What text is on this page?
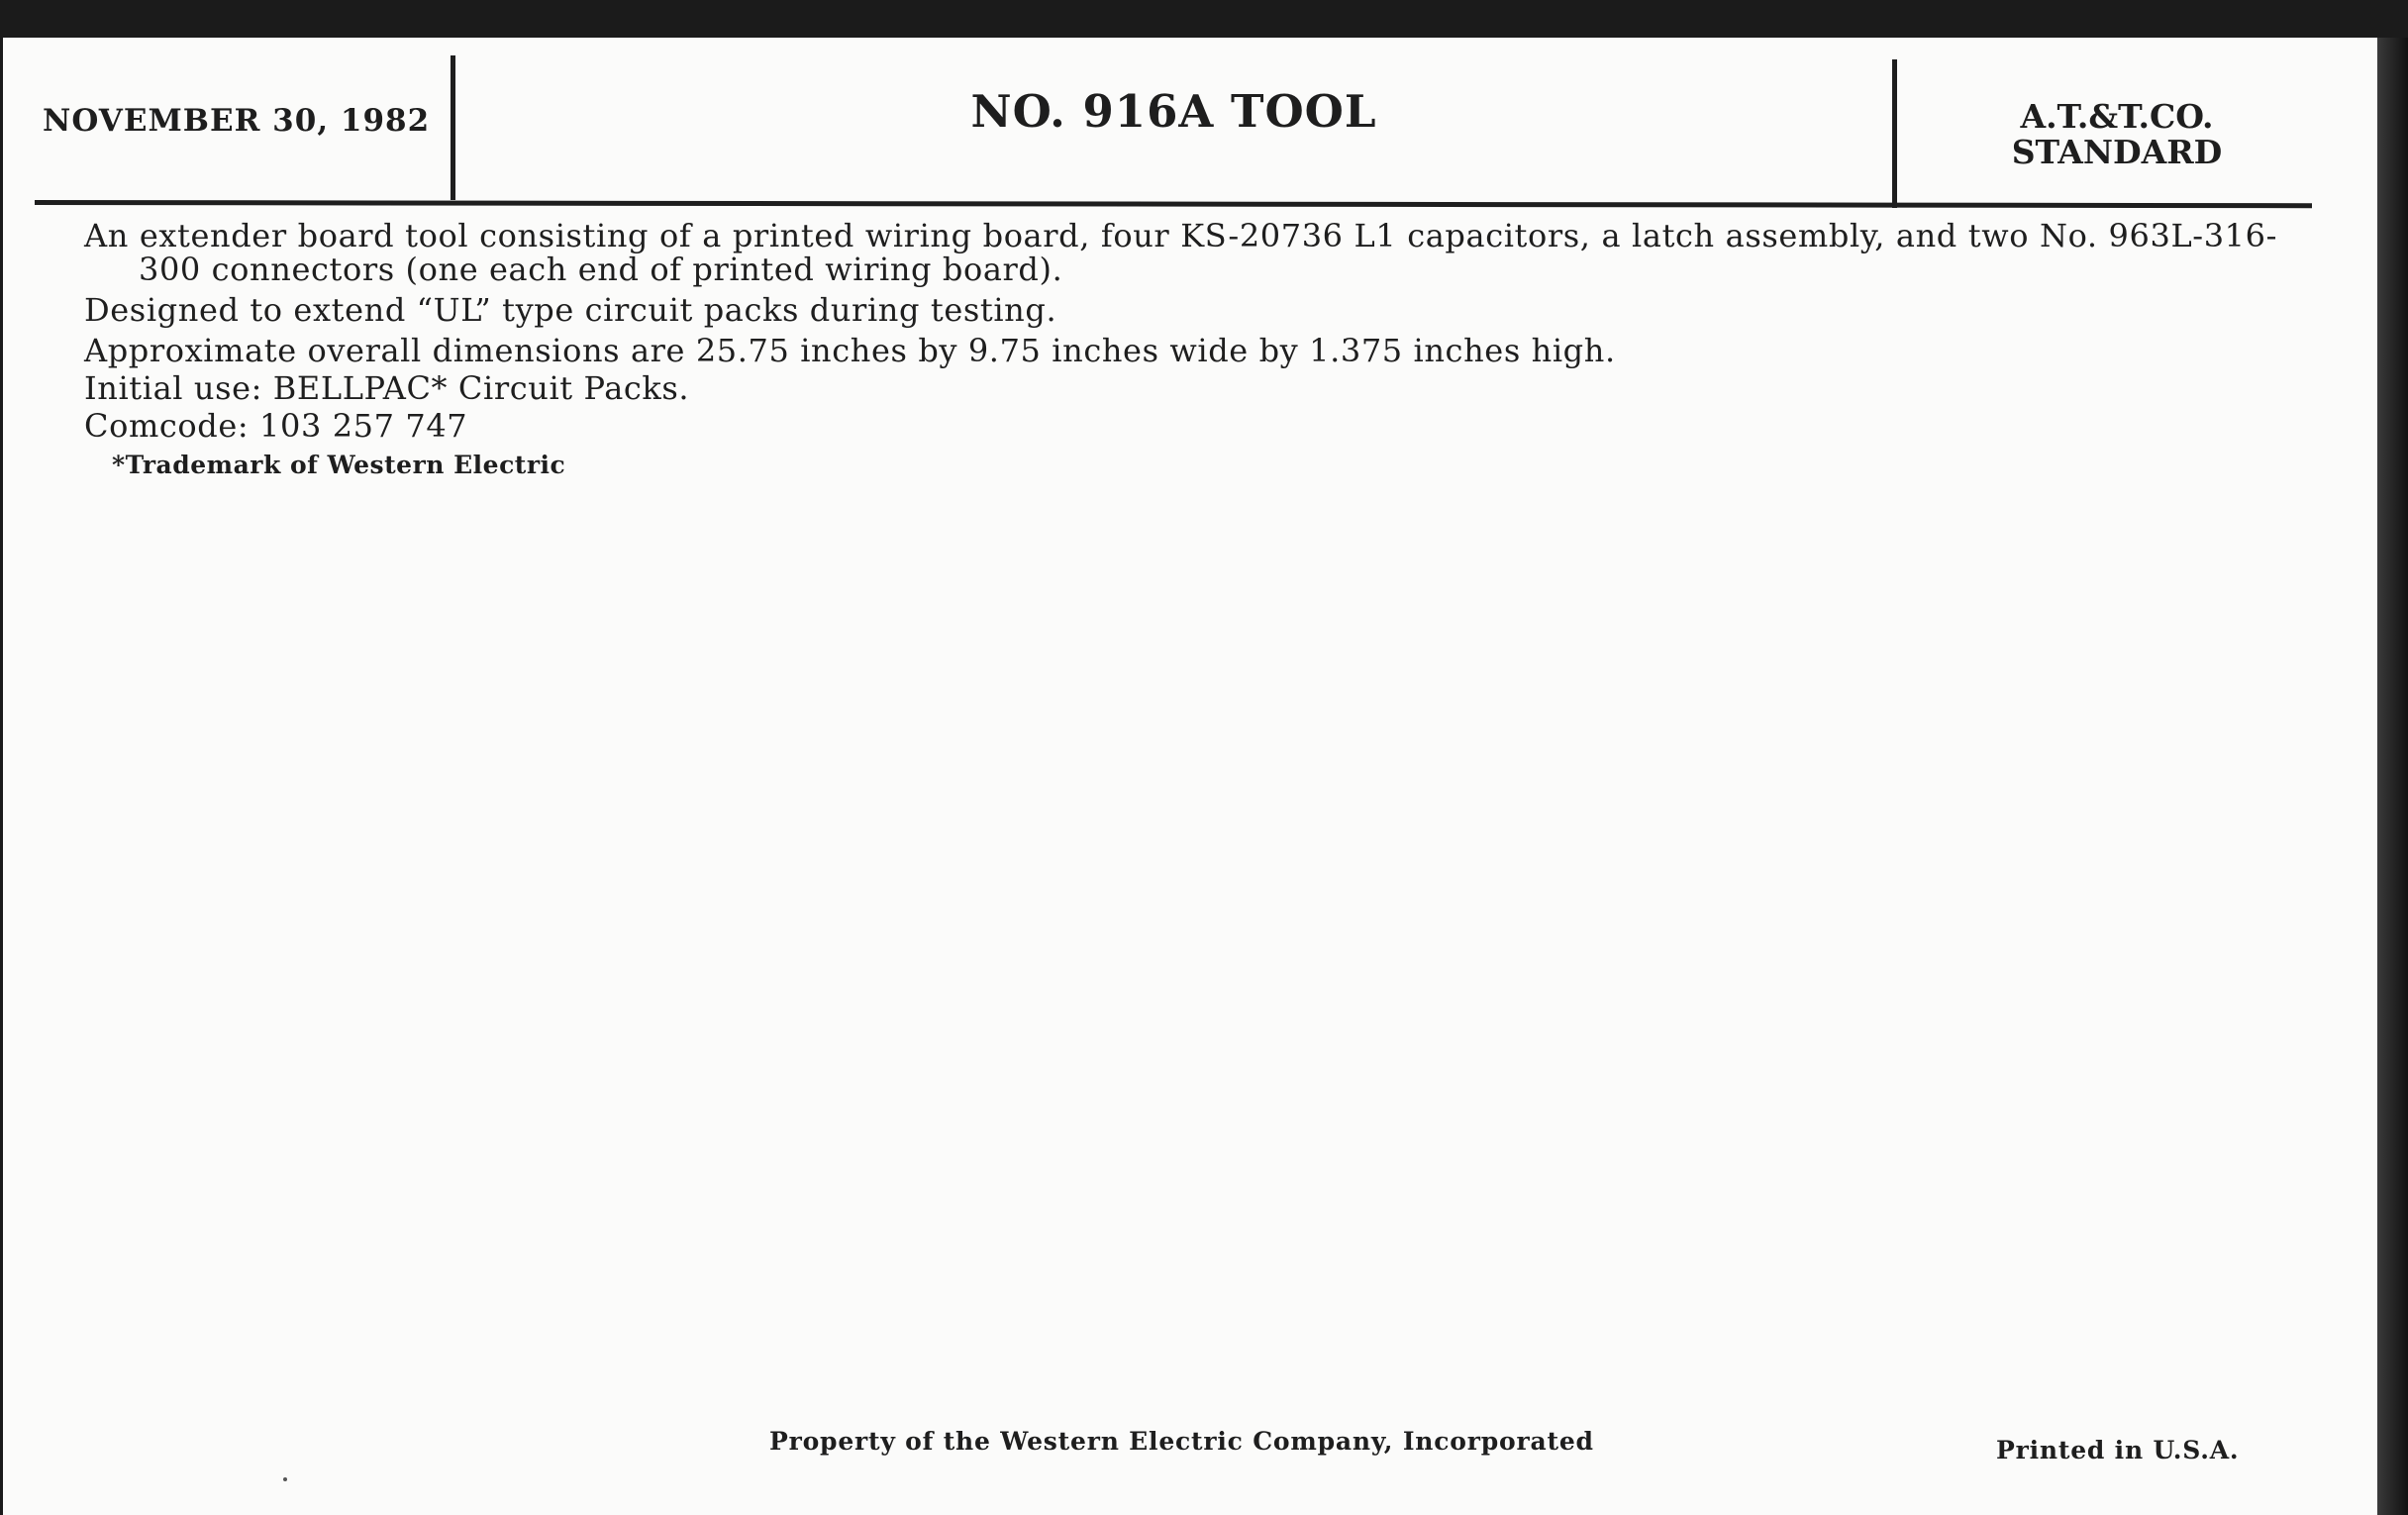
NOVEMBER 30, 1982	NO. 916A TOOL	A.T.&T.CO.
STANDARD

An extender board tool consisting of a printed wiring board, four KS-20736 L1 capacitors, a latch assembly, and two No. 963L-316-300 connectors (one each end of printed wiring board).

Designed to extend “UL” type circuit packs during testing.

Approximate overall dimensions are 25.75 inches by 9.75 inches wide by 1.375 inches high.

Initial use: BELLPAC* Circuit Packs.

Comcode: 103 257 747

*Trademark of Western Electric
Property of the Western Electric Company, Incorporated	Printed in U.S.A.
